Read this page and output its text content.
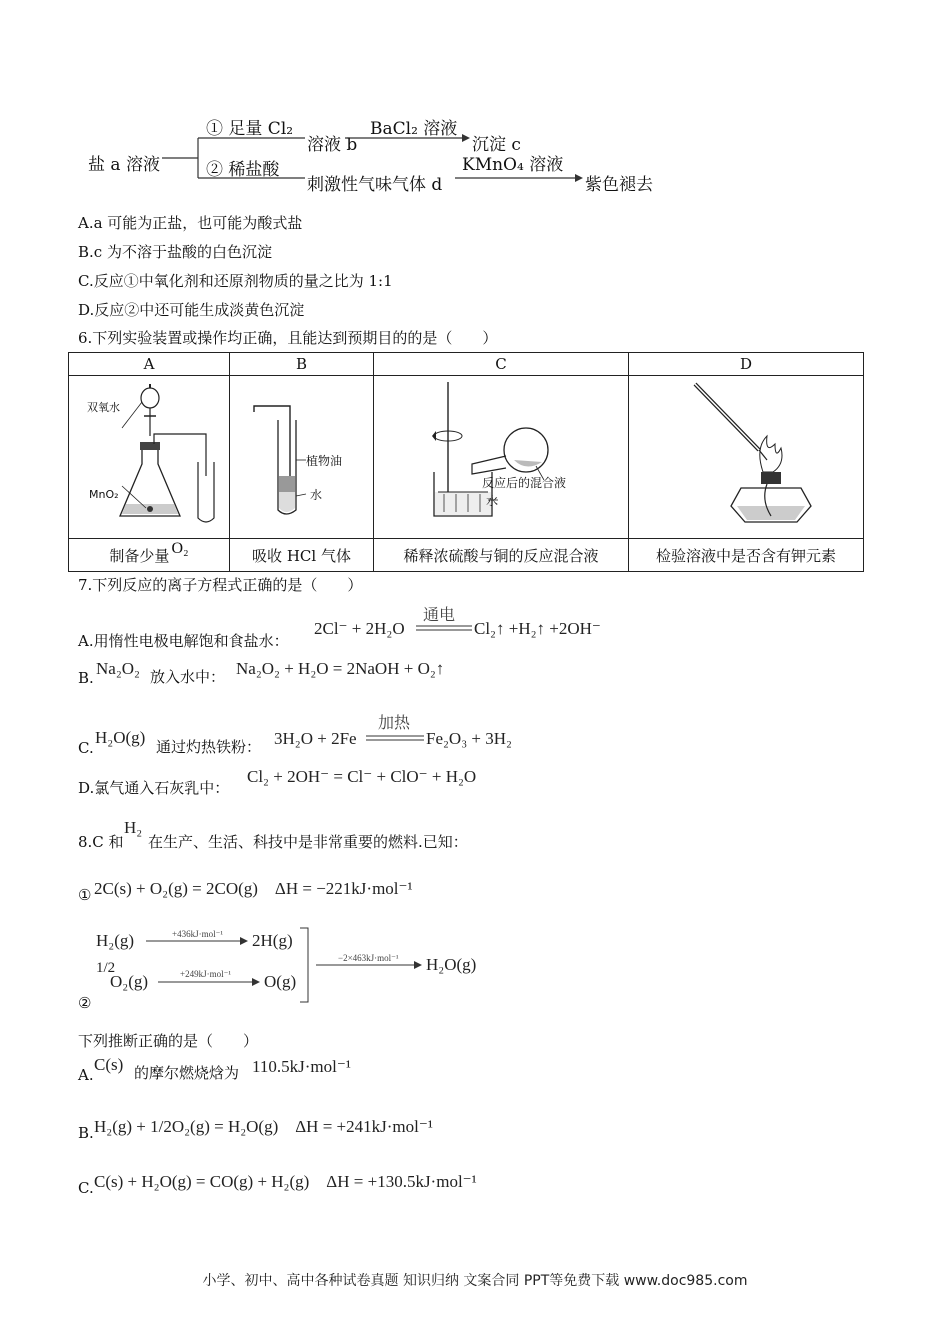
盐 a 溶液
① 足量 Cl₂
溶液 b
BaCl₂ 溶液
沉淀 c
② 稀盐酸
刺激性气味气体 d
KMnO₄ 溶液
紫色褪去
A.a 可能为正盐，也可能为酸式盐
B.c 为不溶于盐酸的白色沉淀
C.反应①中氧化剂和还原剂物质的量之比为 1:1
D.反应②中还可能生成淡黄色沉淀
6.下列实验装置或操作均正确，且能达到预期目的的是（　　）
A	B	C	D

双氧水
MnO₂	植物油
水	反应后的混合液
水

制备少量 O₂	吸收 HCl 气体	稀释浓硫酸与铜的反应混合液	检验溶液中是否含有钾元素
7.下列反应的离子方程式正确的是（　　）
A.用惰性电极电解饱和食盐水：
2Cl⁻ + 2H₂O
通电
Cl₂↑ +H₂↑ +2OH⁻
B. Na₂O₂ 放入水中： Na₂O₂ + H₂O = 2NaOH + O₂↑
C.
H₂O(g) 通过灼热铁粉： 3H₂O + 2Fe
加热
Fe₂O₃ + 3H₂
D.氯气通入石灰乳中：
Cl₂ + 2OH⁻ = Cl⁻ + ClO⁻ + H₂O
8.C 和
H₂
在生产、生活、科技中是非常重要的燃料.已知：
① 2C(s) + O₂(g) = 2CO(g)　ΔH = −221kJ·mol⁻¹
②
H₂(g)	+436kJ·mol⁻¹ 2H(g)
1/2
O₂(g)	+249kJ·mol⁻¹ O(g)
−2×463kJ·mol⁻¹ H₂O(g)
下列推断正确的是（　　）
A.
C(s) 的摩尔燃烧焓为 110.5kJ·mol⁻¹
B. H₂(g) + 1/2O₂(g) = H₂O(g)　ΔH = +241kJ·mol⁻¹
C. C(s) + H₂O(g) = CO(g) + H₂(g)　ΔH = +130.5kJ·mol⁻¹
小学、初中、高中各种试卷真题 知识归纳 文案合同 PPT等免费下载 www.doc985.com
